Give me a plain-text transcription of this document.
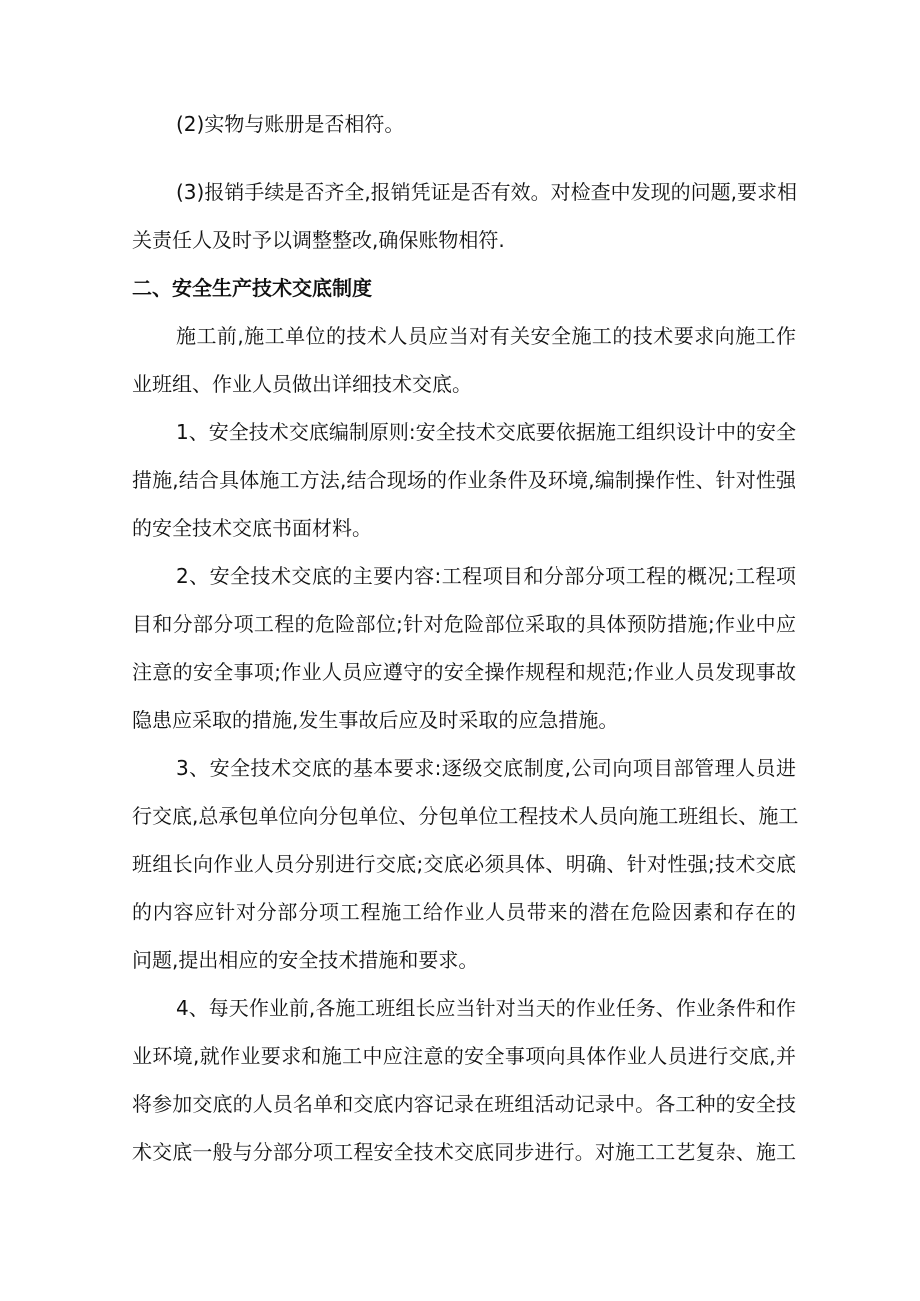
(2)实物与账册是否相符。
(3)报销手续是否齐全,报销凭证是否有效。对检查中发现的问题,要求相
关责任人及时予以调整整改,确保账物相符.
二、安全生产技术交底制度
施工前,施工单位的技术人员应当对有关安全施工的技术要求向施工作
业班组、作业人员做出详细技术交底。
1、安全技术交底编制原则:安全技术交底要依据施工组织设计中的安全
措施,结合具体施工方法,结合现场的作业条件及环境,编制操作性、针对性强
的安全技术交底书面材料。
2、安全技术交底的主要内容:工程项目和分部分项工程的概况;工程项
目和分部分项工程的危险部位;针对危险部位采取的具体预防措施;作业中应
注意的安全事项;作业人员应遵守的安全操作规程和规范;作业人员发现事故
隐患应采取的措施,发生事故后应及时采取的应急措施。
3、安全技术交底的基本要求:逐级交底制度,公司向项目部管理人员进
行交底,总承包单位向分包单位、分包单位工程技术人员向施工班组长、施工
班组长向作业人员分别进行交底;交底必须具体、明确、针对性强;技术交底
的内容应针对分部分项工程施工给作业人员带来的潜在危险因素和存在的
问题,提出相应的安全技术措施和要求。
4、每天作业前,各施工班组长应当针对当天的作业任务、作业条件和作
业环境,就作业要求和施工中应注意的安全事项向具体作业人员进行交底,并
将参加交底的人员名单和交底内容记录在班组活动记录中。各工种的安全技
术交底一般与分部分项工程安全技术交底同步进行。对施工工艺复杂、施工
